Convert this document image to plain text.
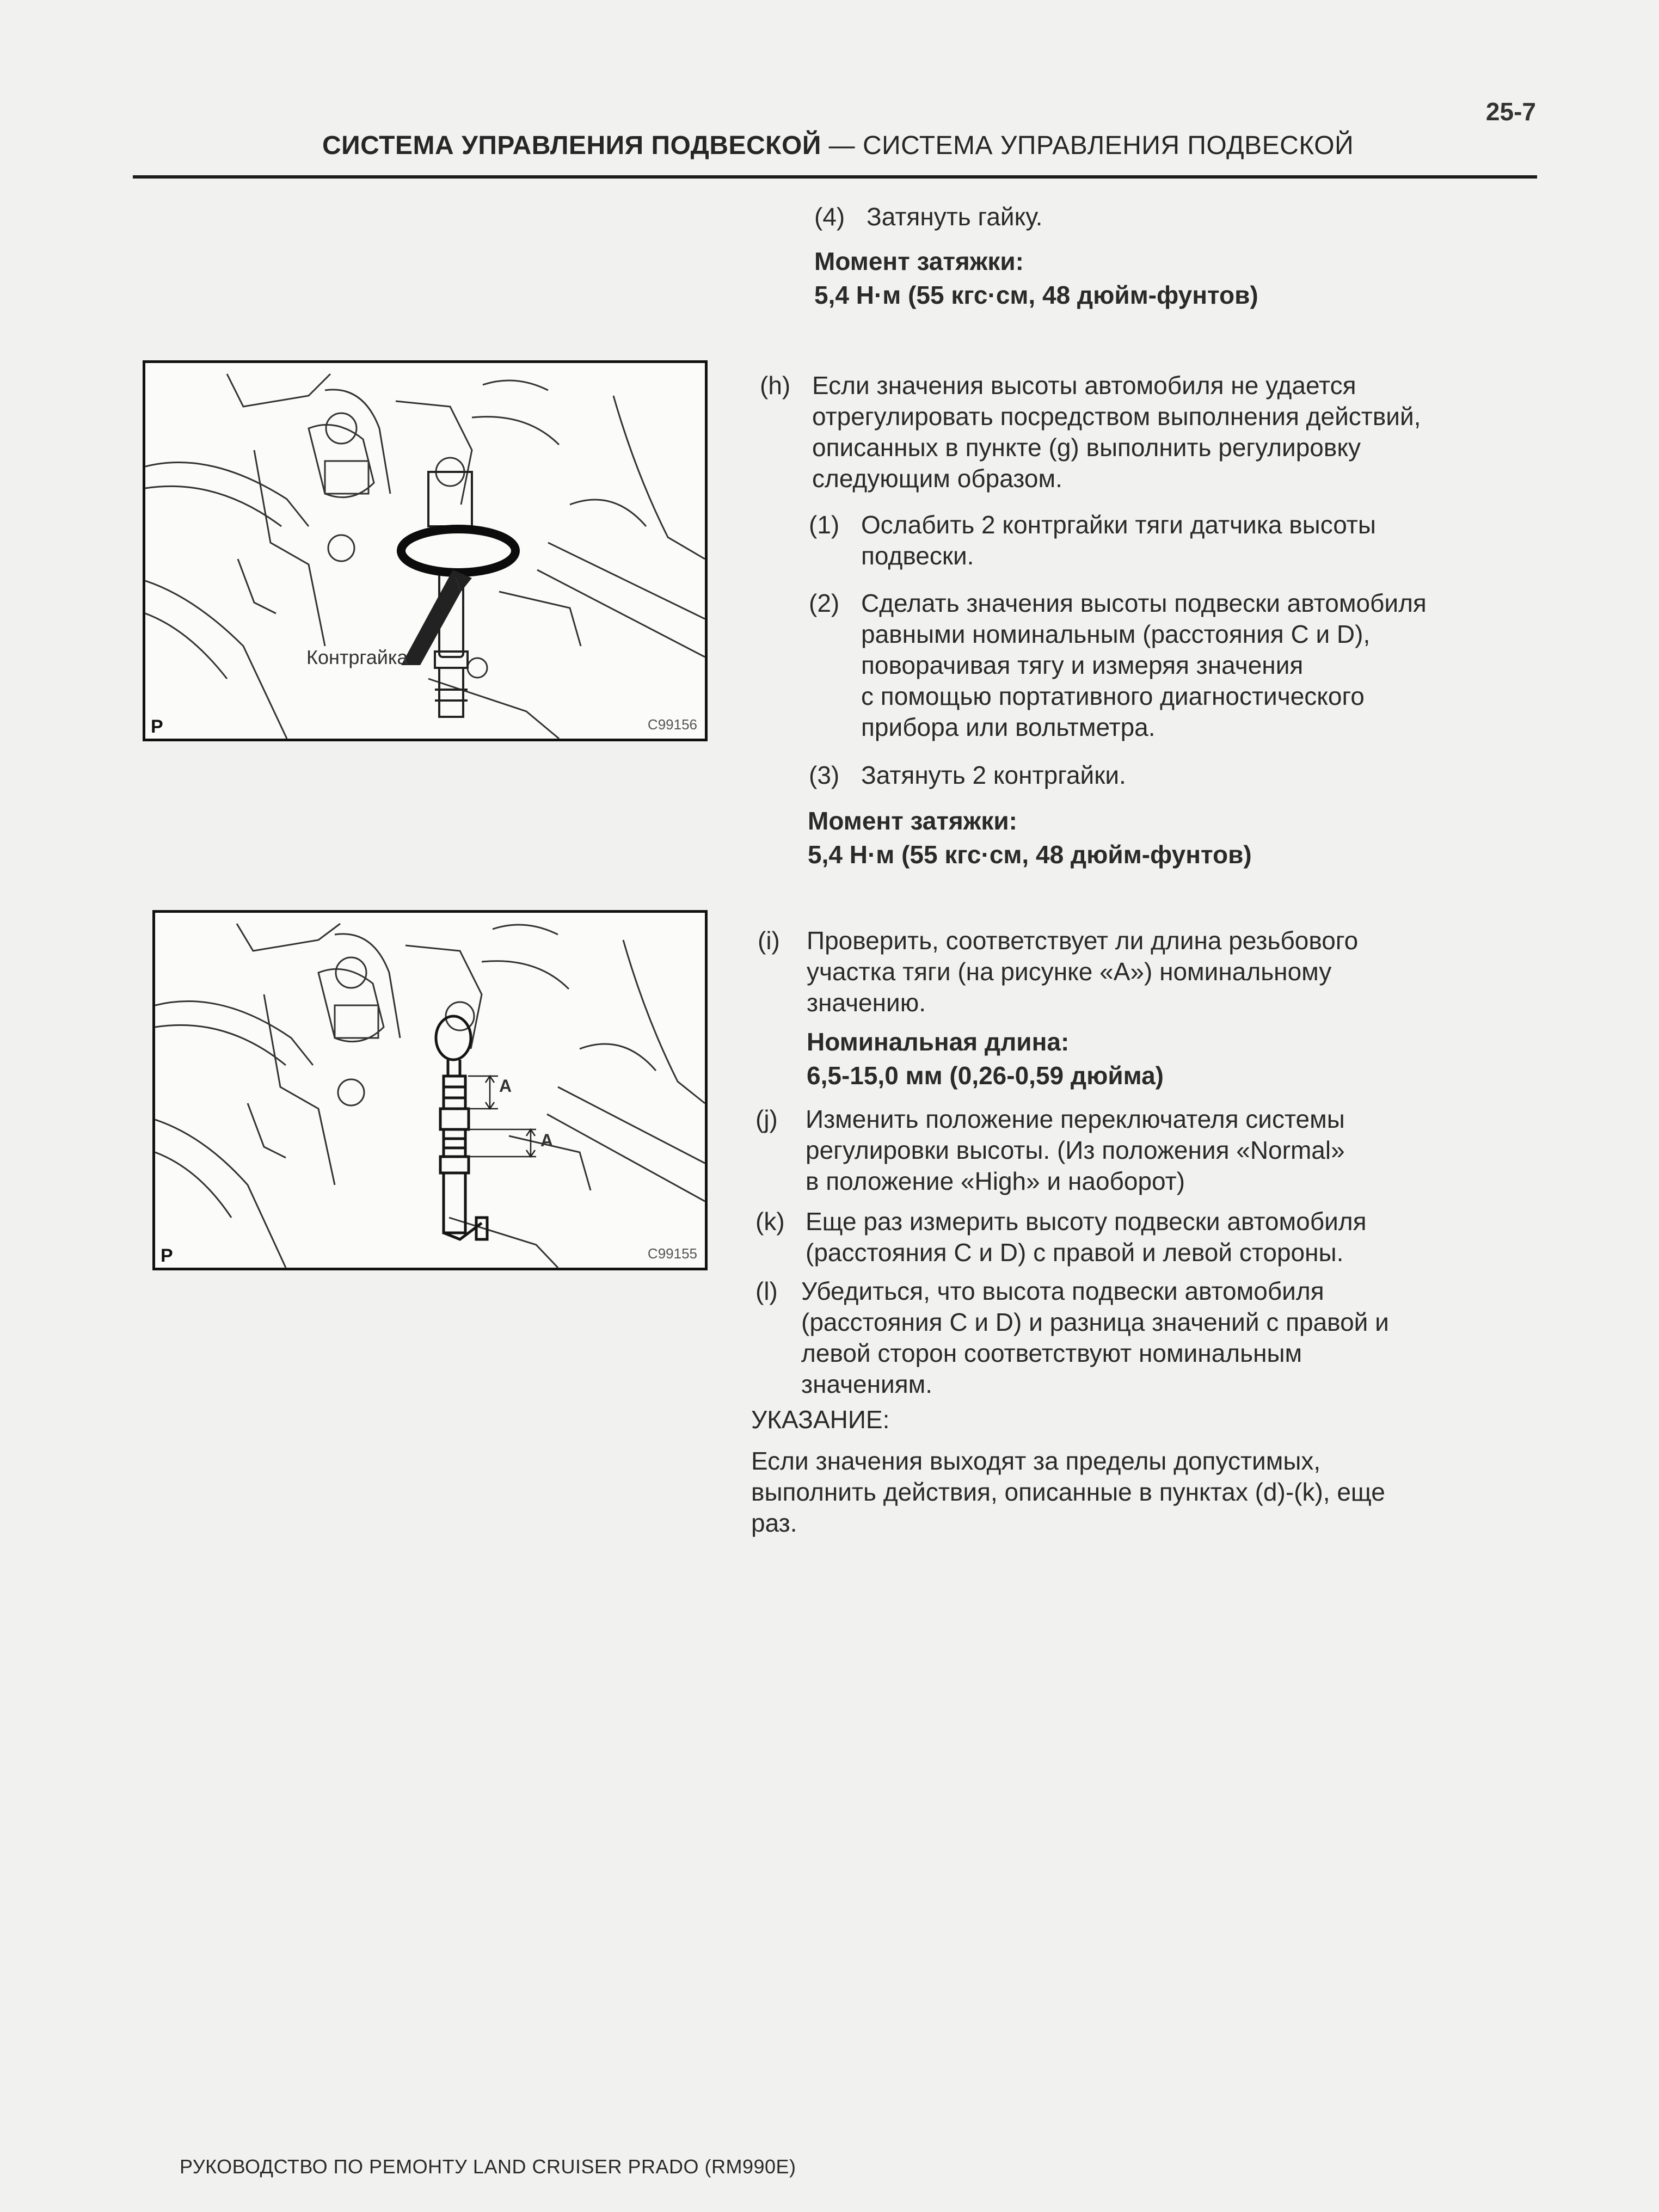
25-7
СИСТЕМА УПРАВЛЕНИЯ ПОДВЕСКОЙ — СИСТЕМА УПРАВЛЕНИЯ ПОДВЕСКОЙ
(4) Затянуть гайку.
Момент затяжки:
5,4 Н·м (55 кгс·см, 48 дюйм-фунтов)
Контргайка
P	C99156
(h) Если значения высоты автомобиля не удается
отрегулировать посредством выполнения действий,
описанных в пункте (g) выполнить регулировку
следующим образом.
(1) Ослабить 2 контргайки тяги датчика высоты
подвески.
(2) Сделать значения высоты подвески автомобиля
равными номинальным (расстояния C и D),
поворачивая тягу и измеряя значения
с помощью портативного диагностического
прибора или вольтметра.
(3) Затянуть 2 контргайки.
Момент затяжки:
5,4 Н·м (55 кгс·см, 48 дюйм-фунтов)
A
A
P	C99155
(i) Проверить, соответствует ли длина резьбового
участка тяги (на рисунке «A») номинальному
значению.
Номинальная длина:
6,5-15,0 мм (0,26-0,59 дюйма)
(j) Изменить положение переключателя системы
регулировки высоты. (Из положения «Normal»
в положение «High» и наоборот)
(k) Еще раз измерить высоту подвески автомобиля
(расстояния C и D) с правой и левой стороны.
(l) Убедиться, что высота подвески автомобиля
(расстояния C и D) и разница значений с правой и
левой сторон соответствуют номинальным
значениям.
УКАЗАНИЕ:
Если значения выходят за пределы допустимых,
выполнить действия, описанные в пунктах (d)-(k), еще
раз.
РУКОВОДСТВО ПО РЕМОНТУ LAND CRUISER PRADO (RM990E)
